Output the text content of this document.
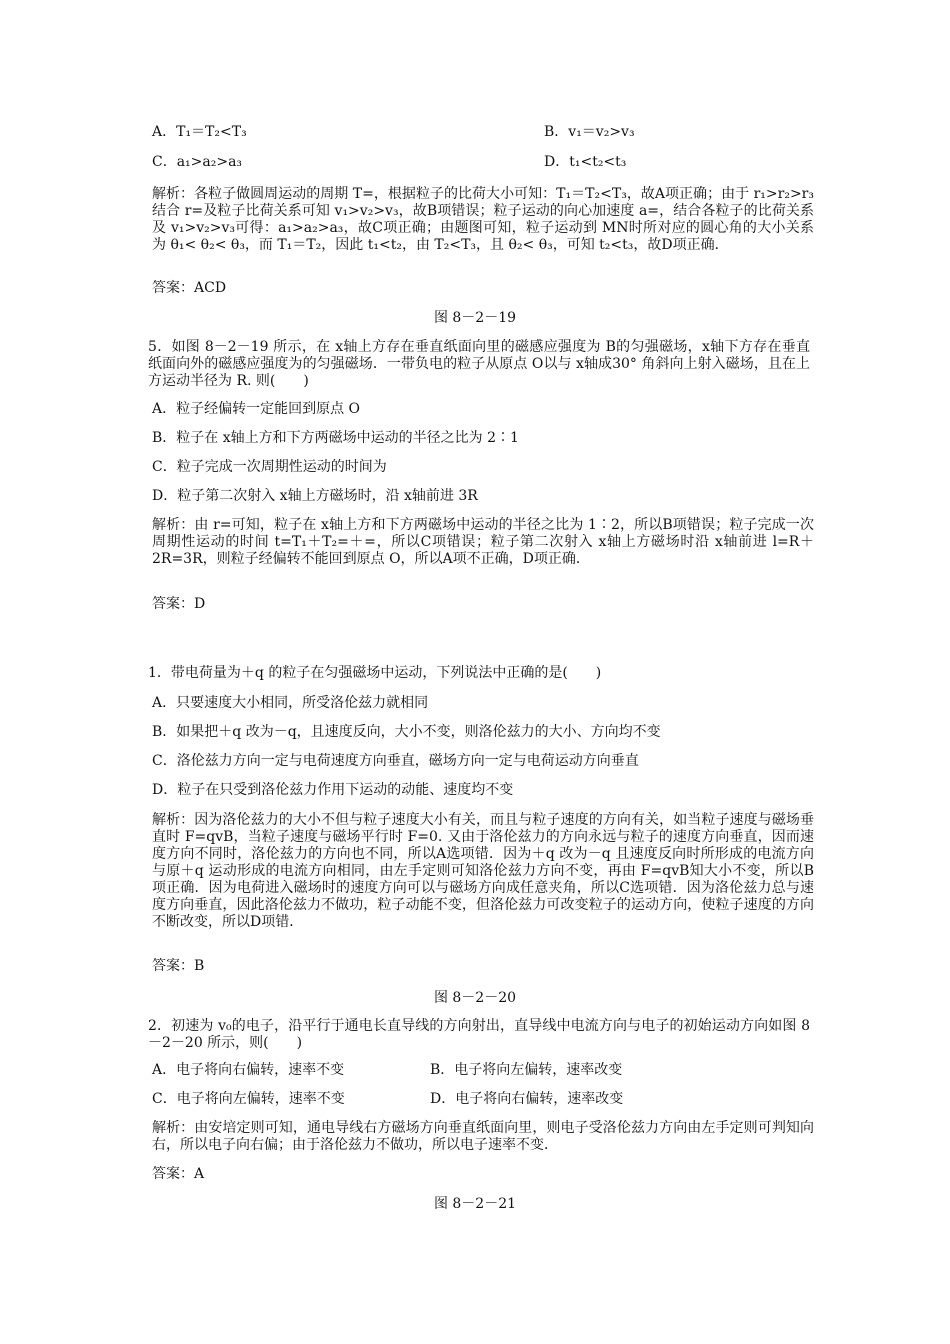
A．T₁＝T₂<T₃	B．v₁＝v₂>v₃

C．a₁>a₂>a₃	D．t₁<t₂<t₃

解析：各粒子做圆周运动的周期 T=，根据粒子的比荷大小可知：T₁＝T₂<T₃，故A项正确；由于 r₁>r₂>r₃结合 r=及粒子比荷关系可知 v₁>v₂>v₃，故B项错误；粒子运动的向心加速度 a=，结合各粒子的比荷关系及 v₁>v₂>v₃可得：a₁>a₂>a₃，故C项正确；由题图可知，粒子运动到 MN时所对应的圆心角的大小关系为 θ₁< θ₂< θ₃，而 T₁＝T₂，因此 t₁<t₂，由 T₂<T₃，且 θ₂< θ₃，可知 t₂<t₃，故D项正确．

答案：ACD

图 8－2－19

5．如图 8－2－19 所示，在 x轴上方存在垂直纸面向里的磁感应强度为 B的匀强磁场，x轴下方存在垂直纸面向外的磁感应强度为的匀强磁场．一带负电的粒子从原点 O以与 x轴成30° 角斜向上射入磁场，且在上方运动半径为 R. 则(　　)

A．粒子经偏转一定能回到原点 O

B．粒子在 x轴上方和下方两磁场中运动的半径之比为 2∶1

C．粒子完成一次周期性运动的时间为

D．粒子第二次射入 x轴上方磁场时，沿 x轴前进 3R

解析：由 r=可知，粒子在 x轴上方和下方两磁场中运动的半径之比为 1∶2，所以B项错误；粒子完成一次周期性运动的时间 t=T₁＋T₂=＋=，所以C项错误；粒子第二次射入 x轴上方磁场时沿 x轴前进 l=R＋2R=3R，则粒子经偏转不能回到原点 O，所以A项不正确，D项正确．

答案：D

1．带电荷量为＋q 的粒子在匀强磁场中运动，下列说法中正确的是(　　)

A．只要速度大小相同，所受洛伦兹力就相同

B．如果把＋q 改为－q，且速度反向，大小不变，则洛伦兹力的大小、方向均不变

C．洛伦兹力方向一定与电荷速度方向垂直，磁场方向一定与电荷运动方向垂直

D．粒子在只受到洛伦兹力作用下运动的动能、速度均不变

解析：因为洛伦兹力的大小不但与粒子速度大小有关，而且与粒子速度的方向有关，如当粒子速度与磁场垂直时 F=qvB，当粒子速度与磁场平行时 F=0. 又由于洛伦兹力的方向永远与粒子的速度方向垂直，因而速度方向不同时，洛伦兹力的方向也不同，所以A选项错．因为＋q 改为－q 且速度反向时所形成的电流方向与原＋q 运动形成的电流方向相同，由左手定则可知洛伦兹力方向不变，再由 F=qvB知大小不变，所以B项正确．因为电荷进入磁场时的速度方向可以与磁场方向成任意夹角，所以C选项错．因为洛伦兹力总与速度方向垂直，因此洛伦兹力不做功，粒子动能不变，但洛伦兹力可改变粒子的运动方向，使粒子速度的方向不断改变，所以D项错．

答案：B

图 8－2－20

2．初速为 v₀的电子，沿平行于通电长直导线的方向射出，直导线中电流方向与电子的初始运动方向如图 8－2－20 所示，则(　　)

A．电子将向右偏转，速率不变	B．电子将向左偏转，速率改变

C．电子将向左偏转，速率不变	D．电子将向右偏转，速率改变

解析：由安培定则可知，通电导线右方磁场方向垂直纸面向里，则电子受洛伦兹力方向由左手定则可判知向右，所以电子向右偏；由于洛伦兹力不做功，所以电子速率不变．

答案：A

图 8－2－21
